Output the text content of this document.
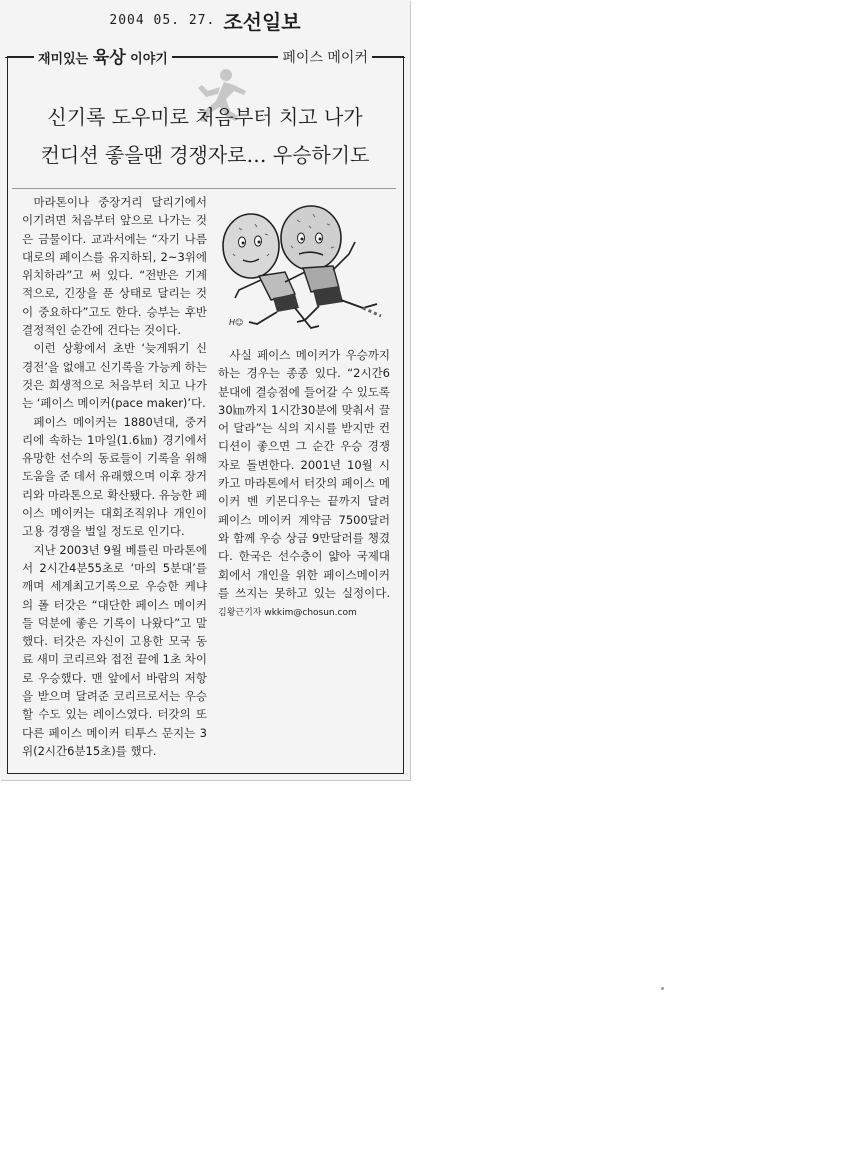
2004 05. 27. 조선일보
재미있는 육상 이야기	페이스 메이커
신기록 도우미로 처음부터 치고 나가
컨디션 좋을땐 경쟁자로… 우승하기도

마라톤이나 중장거리 달리기에서 이기려면 처음부터 앞으로 나가는 것은 금물이다. 교과서에는 “자기 나름대로의 페이스를 유지하되, 2~3위에 위치하라”고 써 있다. “전반은 기계적으로, 긴장을 푼 상태로 달리는 것이 중요하다”고도 한다. 승부는 후반 결정적인 순간에 건다는 것이다.

이런 상황에서 초반 ‘늦게뛰기 신경전’을 없애고 신기록을 가능케 하는 것은 희생적으로 처음부터 치고 나가는 ‘페이스 메이커(pace maker)’다.

페이스 메이커는 1880년대, 중거리에 속하는 1마일(1.6㎞) 경기에서 유망한 선수의 동료들이 기록을 위해 도움을 준 데서 유래했으며 이후 장거리와 마라톤으로 확산됐다. 유능한 페이스 메이커는 대회조직위나 개인이 고용 경쟁을 벌일 정도로 인기다.

지난 2003년 9월 베를린 마라톤에서 2시간4분55초로 ‘마의 5분대’를 깨며 세계최고기록으로 우승한 케냐의 폴 터갓은 “대단한 페이스 메이커들 덕분에 좋은 기록이 나왔다”고 말했다. 터갓은 자신이 고용한 모국 동료 새미 코리르와 접전 끝에 1초 차이로 우승했다. 맨 앞에서 바람의 저항을 받으며 달려준 코리르로서는 우승할 수도 있는 레이스였다. 터갓의 또다른 페이스 메이커 티투스 문지는 3위(2시간6분15초)를 했다.

H☺

사실 페이스 메이커가 우승까지 하는 경우는 종종 있다. “2시간6분대에 결승점에 들어갈 수 있도록 30㎞까지 1시간30분에 맞춰서 끌어 달라”는 식의 지시를 받지만 컨디션이 좋으면 그 순간 우승 경쟁자로 돌변한다. 2001년 10월 시카고 마라톤에서 터갓의 페이스 메이커 벤 키몬디우는 끝까지 달려 페이스 메이커 계약금 7500달러와 함께 우승 상금 9만달러를 챙겼다. 한국은 선수층이 얇아 국제대회에서 개인을 위한 페이스메이커를 쓰지는 못하고 있는 실정이다. 김왕근기자 wkkim@chosun.com
